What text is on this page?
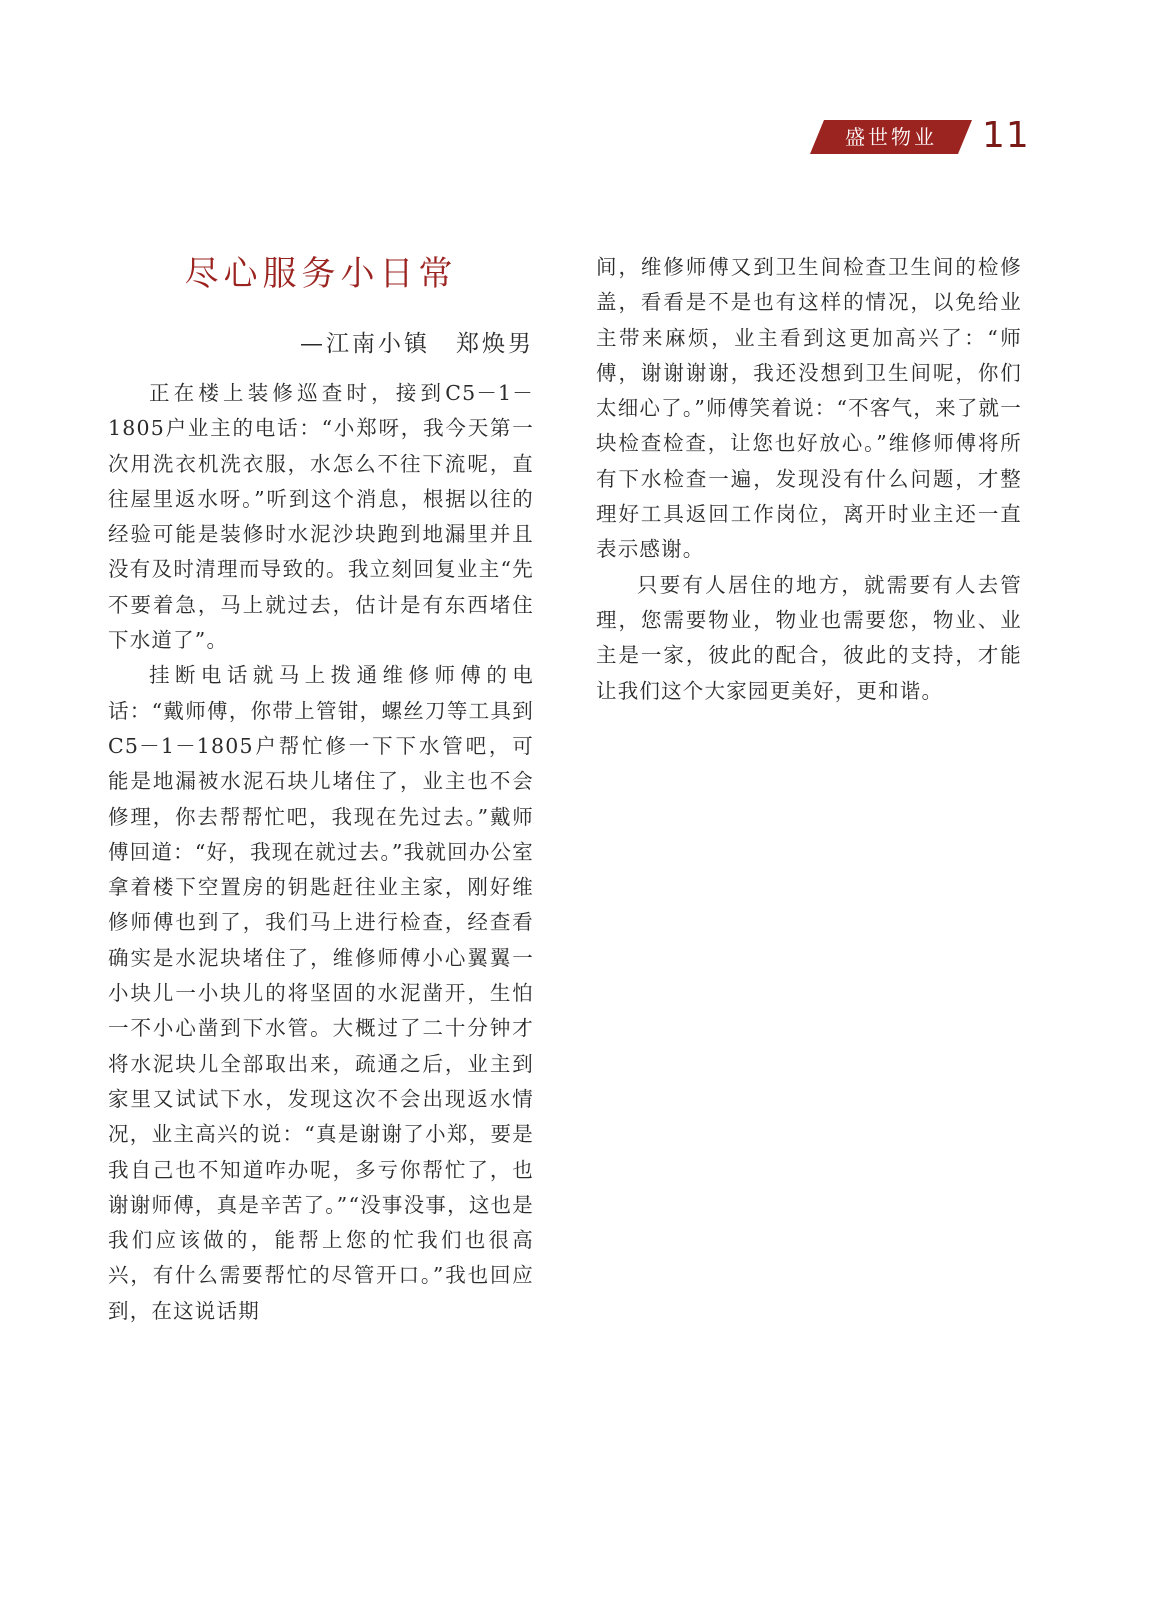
盛世物业	11
尽心服务小日常
—江南小镇　郑焕男

正在楼上装修巡查时，接到C5－1－1805户业主的电话：“小郑呀，我今天第一次用洗衣机洗衣服，水怎么不往下流呢，直往屋里返水呀。”听到这个消息，根据以往的经验可能是装修时水泥沙块跑到地漏里并且没有及时清理而导致的。我立刻回复业主“先不要着急，马上就过去，估计是有东西堵住下水道了”。

挂断电话就马上拨通维修师傅的电话：“戴师傅，你带上管钳，螺丝刀等工具到C5－1－1805户帮忙修一下下水管吧，可能是地漏被水泥石块儿堵住了，业主也不会修理，你去帮帮忙吧，我现在先过去。”戴师傅回道：“好，我现在就过去。”我就回办公室拿着楼下空置房的钥匙赶往业主家，刚好维修师傅也到了，我们马上进行检查，经查看确实是水泥块堵住了，维修师傅小心翼翼一小块儿一小块儿的将坚固的水泥凿开，生怕一不小心凿到下水管。大概过了二十分钟才将水泥块儿全部取出来，疏通之后，业主到家里又试试下水，发现这次不会出现返水情况，业主高兴的说：“真是谢谢了小郑，要是我自己也不知道咋办呢，多亏你帮忙了，也谢谢师傅，真是辛苦了。”“没事没事，这也是我们应该做的，能帮上您的忙我们也很高兴，有什么需要帮忙的尽管开口。”我也回应到，在这说话期

间，维修师傅又到卫生间检查卫生间的检修盖，看看是不是也有这样的情况，以免给业主带来麻烦，业主看到这更加高兴了：“师傅，谢谢谢谢，我还没想到卫生间呢，你们太细心了。”师傅笑着说：“不客气，来了就一块检查检查，让您也好放心。”维修师傅将所有下水检查一遍，发现没有什么问题，才整理好工具返回工作岗位，离开时业主还一直表示感谢。

只要有人居住的地方，就需要有人去管理，您需要物业，物业也需要您，物业、业主是一家，彼此的配合，彼此的支持，才能让我们这个大家园更美好，更和谐。
